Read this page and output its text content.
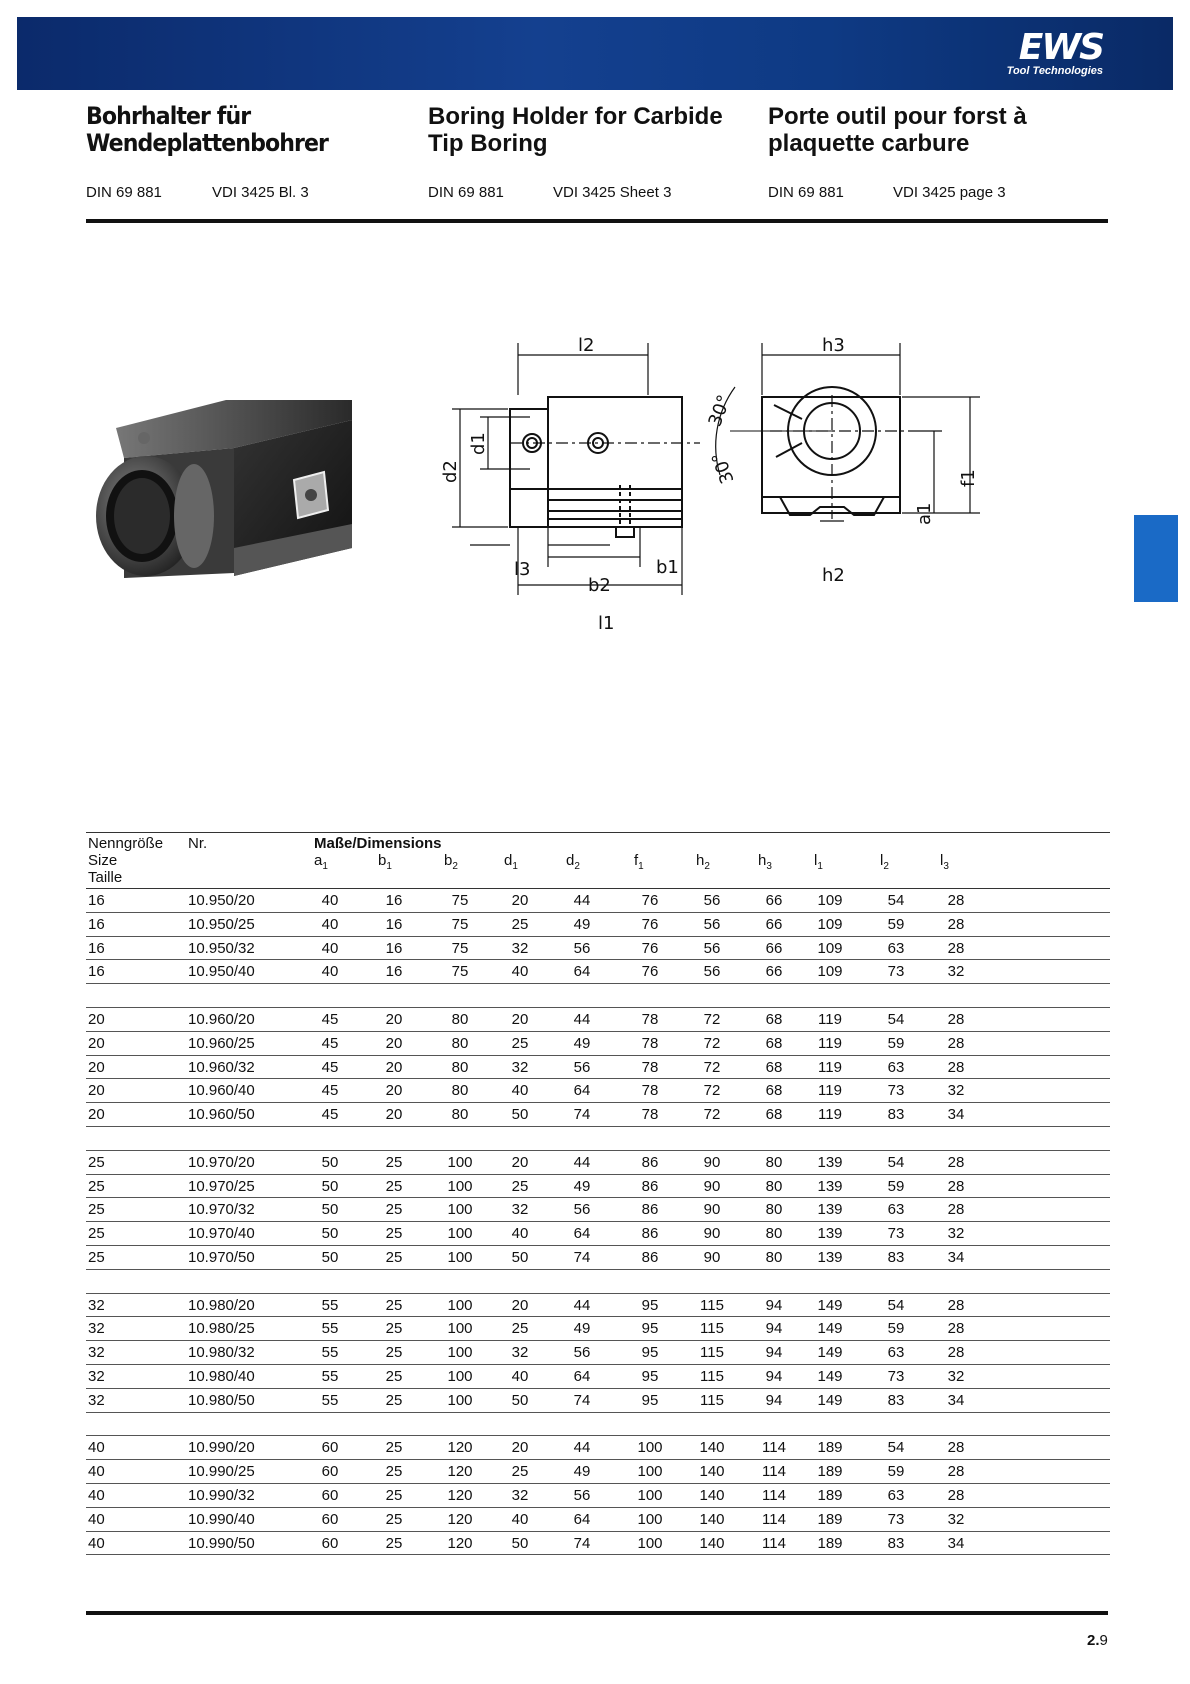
EWS
Tool Technologies
Bohrhalter für
Wendeplattenbohrer
Boring Holder for Carbide
Tip Boring
Porte outil pour forst à
plaquette carbure
DIN 69 881	VDI 3425 Bl. 3	DIN 69 881	VDI 3425 Sheet 3	DIN 69 881	VDI 3425 page 3
l2	h3
d2
d1
l3
b2
b1
l1
h2
a1
f1
30°
30°
Nenngröße
Size
Taille
Nr.	Maße/Dimensions
$a_1$	$b_1$	$b_2$	$d_1$	$d_2$	$f_1$	$h_2$	$h_3$	$l_1$	$l_2$	$l_3$
16	10.950/20	40	16	75	20	44	76	56	66	109	54	28
16	10.950/25	40	16	75	25	49	76	56	66	109	59	28
16	10.950/32	40	16	75	32	56	76	56	66	109	63	28
16	10.950/40	40	16	75	40	64	76	56	66	109	73	32
20	10.960/20	45	20	80	20	44	78	72	68	119	54	28
20	10.960/25	45	20	80	25	49	78	72	68	119	59	28
20	10.960/32	45	20	80	32	56	78	72	68	119	63	28
20	10.960/40	45	20	80	40	64	78	72	68	119	73	32
20	10.960/50	45	20	80	50	74	78	72	68	119	83	34
25	10.970/20	50	25	100	20	44	86	90	80	139	54	28
25	10.970/25	50	25	100	25	49	86	90	80	139	59	28
25	10.970/32	50	25	100	32	56	86	90	80	139	63	28
25	10.970/40	50	25	100	40	64	86	90	80	139	73	32
25	10.970/50	50	25	100	50	74	86	90	80	139	83	34
32	10.980/20	55	25	100	20	44	95	115	94	149	54	28
32	10.980/25	55	25	100	25	49	95	115	94	149	59	28
32	10.980/32	55	25	100	32	56	95	115	94	149	63	28
32	10.980/40	55	25	100	40	64	95	115	94	149	73	32
32	10.980/50	55	25	100	50	74	95	115	94	149	83	34
40	10.990/20	60	25	120	20	44	100	140	114	189	54	28
40	10.990/25	60	25	120	25	49	100	140	114	189	59	28
40	10.990/32	60	25	120	32	56	100	140	114	189	63	28
40	10.990/40	60	25	120	40	64	100	140	114	189	73	32
40	10.990/50	60	25	120	50	74	100	140	114	189	83	34
2.9
